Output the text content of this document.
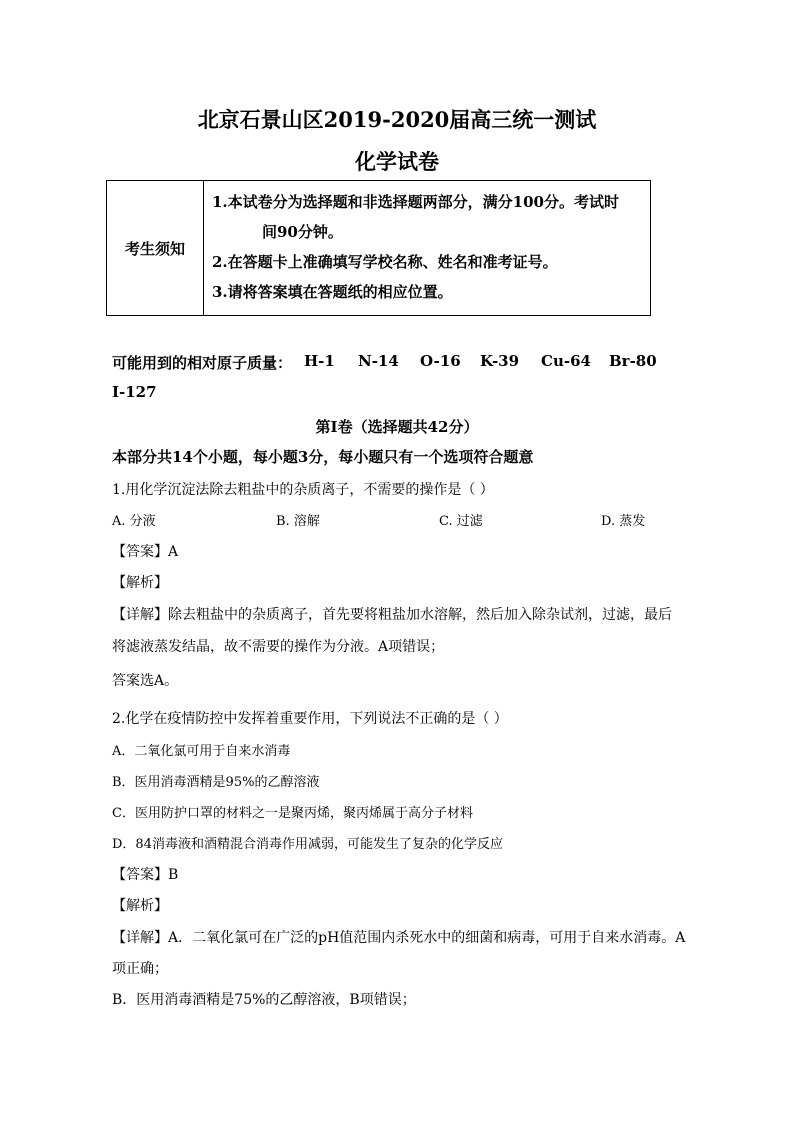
北京石景山区2019-2020届高三统一测试
化学试卷
考生须知	
1.本试卷分为选择题和非选择题两部分，满分100分。考试时
间90分钟。
2.在答题卡上准确填写学校名称、姓名和准考证号。
3.请将答案填在答题纸的相应位置。
可能用到的相对原子质量： H-1 N-14 O-16 K-39 Cu-64 Br-80
I-127
第Ⅰ卷（选择题共42分）
本部分共14个小题，每小题3分，每小题只有一个选项符合题意
1.用化学沉淀法除去粗盐中的杂质离子，不需要的操作是（ ）
A. 分液	B. 溶解	C. 过滤	D. 蒸发
【答案】A
【解析】
【详解】除去粗盐中的杂质离子，首先要将粗盐加水溶解，然后加入除杂试剂，过滤，最后
将滤液蒸发结晶，故不需要的操作为分液。A项错误；
答案选A。
2.化学在疫情防控中发挥着重要作用，下列说法不正确的是（ ）
A．二氧化氯可用于自来水消毒
B．医用消毒酒精是95%的乙醇溶液
C．医用防护口罩的材料之一是聚丙烯，聚丙烯属于高分子材料
D．84消毒液和酒精混合消毒作用减弱，可能发生了复杂的化学反应
【答案】B
【解析】
【详解】A．二氧化氯可在广泛的pH值范围内杀死水中的细菌和病毒，可用于自来水消毒。A
项正确；
B．医用消毒酒精是75%的乙醇溶液，B项错误；
